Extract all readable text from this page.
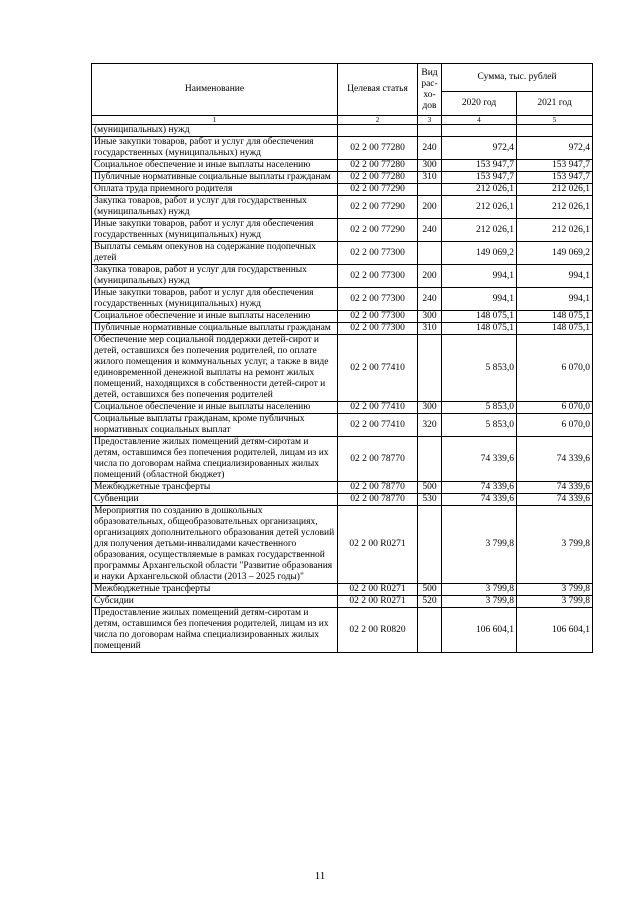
Наименование	Целевая статья	Вид рас- хо- дов	Сумма, тыс. рублей	
			2020 год	2021 год
1	2	3	4	5
(муниципальных) нужд				
Иные закупки товаров, работ и услуг для обеспечения государственных (муниципальных) нужд	02 2 00 77280	240	972,4	972,4
Социальное обеспечение и иные выплаты населению	02 2 00 77280	300	153 947,7	153 947,7
Публичные нормативные социальные выплаты гражданам	02 2 00 77280	310	153 947,7	153 947,7
Оплата труда приемного родителя	02 2 00 77290		212 026,1	212 026,1
Закупка товаров, работ и услуг для государственных (муниципальных) нужд	02 2 00 77290	200	212 026,1	212 026,1
Иные закупки товаров, работ и услуг для обеспечения государственных (муниципальных) нужд	02 2 00 77290	240	212 026,1	212 026,1
Выплаты семьям опекунов на содержание подопечных детей	02 2 00 77300		149 069,2	149 069,2
Закупка товаров, работ и услуг для государственных (муниципальных) нужд	02 2 00 77300	200	994,1	994,1
Иные закупки товаров, работ и услуг для обеспечения государственных (муниципальных) нужд	02 2 00 77300	240	994,1	994,1
Социальное обеспечение и иные выплаты населению	02 2 00 77300	300	148 075,1	148 075,1
Публичные нормативные социальные выплаты гражданам	02 2 00 77300	310	148 075,1	148 075,1
Обеспечение мер социальной поддержки детей-сирот и детей, оставшихся без попечения родителей, по оплате жилого помещения и коммунальных услуг, а также в виде единовременной денежной выплаты на ремонт жилых помещений, находящихся в собственности детей-сирот и детей, оставшихся без попечения родителей	02 2 00 77410		5 853,0	6 070,0
Социальное обеспечение и иные выплаты населению	02 2 00 77410	300	5 853,0	6 070,0
Социальные выплаты гражданам, кроме публичных нормативных социальных выплат	02 2 00 77410	320	5 853,0	6 070,0
Предоставление жилых помещений детям-сиротам и детям, оставшимся без попечения родителей, лицам из их числа по договорам найма специализированных жилых помещений (областной бюджет)	02 2 00 78770		74 339,6	74 339,6
Межбюджетные трансферты	02 2 00 78770	500	74 339,6	74 339,6
Субвенции	02 2 00 78770	530	74 339,6	74 339,6
Мероприятия по созданию в дошкольных образовательных, общеобразовательных организациях, организациях дополнительного образования детей условий для получения детьми-инвалидами качественного образования, осуществляемые в рамках государственной программы Архангельской области "Развитие образования и науки Архангельской области (2013 – 2025 годы)"	02 2 00 R0271		3 799,8	3 799,8
Межбюджетные трансферты	02 2 00 R0271	500	3 799,8	3 799,8
Субсидии	02 2 00 R0271	520	3 799,8	3 799,8
Предоставление жилых помещений детям-сиротам и детям, оставшимся без попечения родителей, лицам из их числа по договорам найма специализированных жилых помещений	02 2 00 R0820		106 604,1	106 604,1
11
